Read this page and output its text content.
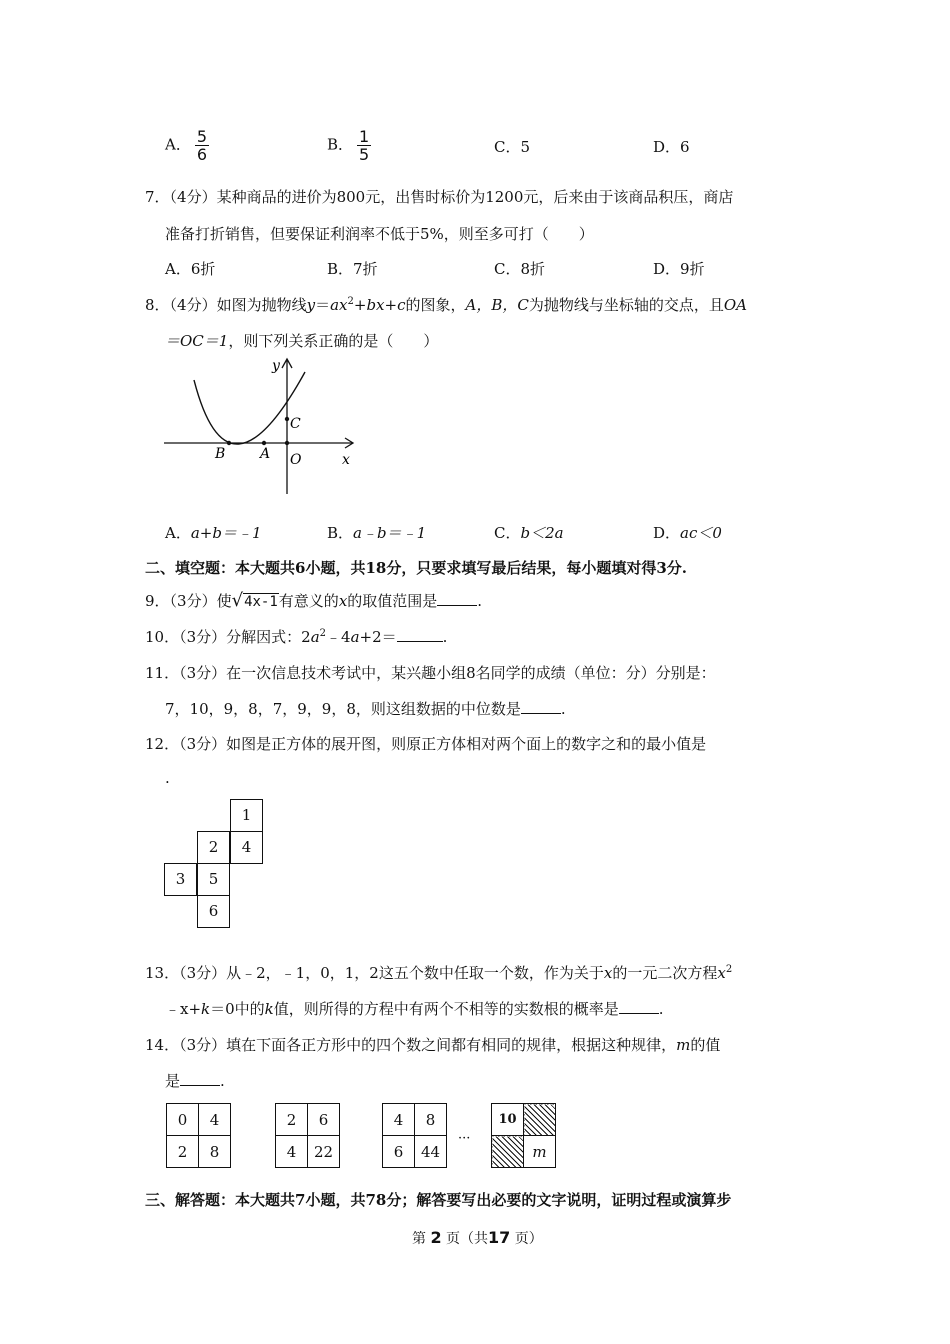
A． $\frac{5}{6}$	B． $\frac{1}{5}$	C．5	D．6
7．（4分）某种商品的进价为800元，出售时标价为1200元，后来由于该商品积压，商店
准备打折销售，但要保证利润率不低于5%，则至多可打（　　）
A．6折	B．7折	C．8折	D．9折
8．（4分）如图为抛物线$y=ax^2+bx+c$的图象，A，B，C为抛物线与坐标轴的交点，且OA
＝OC＝1，则下列关系正确的是（　　）
y
x
B A O
C
A．a+b＝﹣1	B．a﹣b＝﹣1	C．b＜2a	D．ac＜0
二、填空题：本大题共6小题，共18分，只要求填写最后结果，每小题填对得3分.
9．（3分）使√4x-1有意义的x的取值范围是	.
10．（3分）分解因式：$2a^2﹣4a+2=$	.
11．（3分）在一次信息技术考试中，某兴趣小组8名同学的成绩（单位：分）分别是：
7，10，9，8，7，9，9，8，则这组数据的中位数是	.
12．（3分）如图是正方体的展开图，则原正方体相对两个面上的数字之和的最小值是
.
1
2	4
3	5
6
13．（3分）从﹣2，﹣1，0，1，2这五个数中任取一个数，作为关于x的一元二次方程$x^2$
﹣x+k＝0中的k值，则所得的方程中有两个不相等的实数根的概率是	.
14．（3分）填在下面各正方形中的四个数之间都有相同的规律，根据这种规律，m的值
是	.
0	4
2	8
2	6
4	22
4	8
6	44
···
10	
	m
三、解答题：本大题共7小题，共78分；解答要写出必要的文字说明，证明过程或演算步
第 2 页（共17 页）
